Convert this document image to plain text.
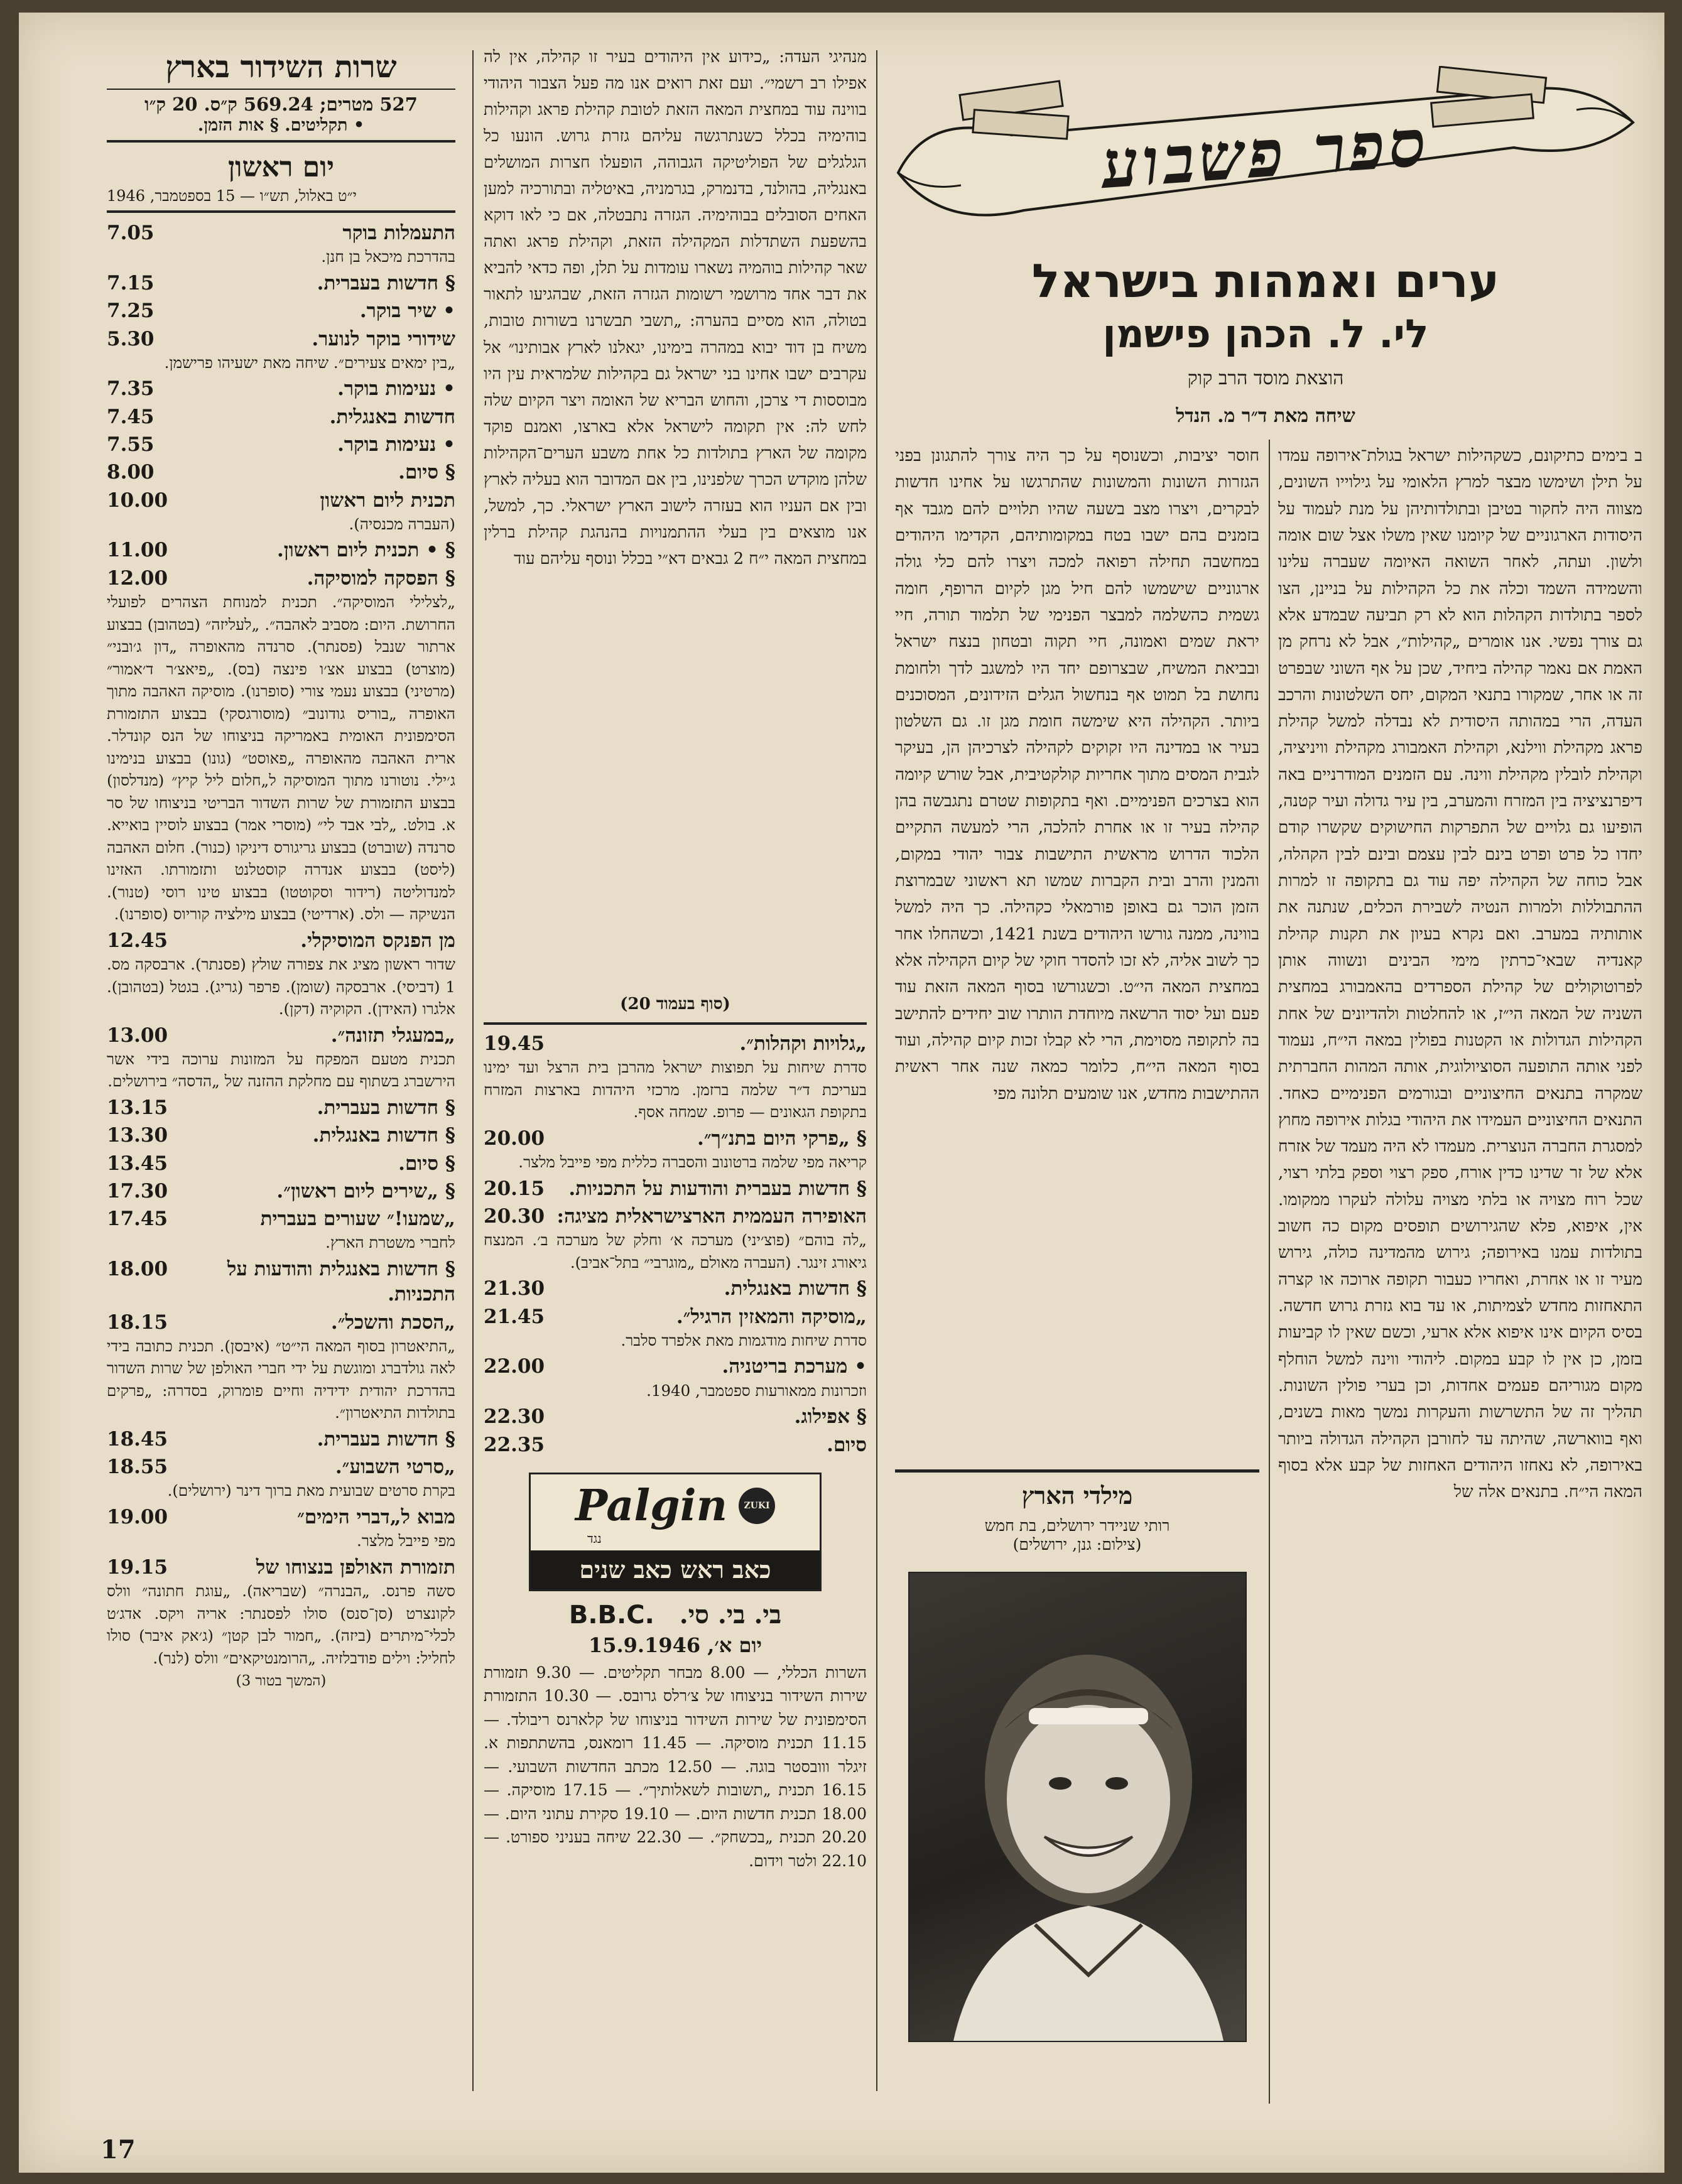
שרות השידור בארץ
527 מטרים; 569.24 ק״ס. 20 ק״ו
• תקליטים. § אות הזמן.
יום ראשון
י״ט באלול, תש״ו — 15 בספטמבר, 1946
התעמלות בוקר
7.05

בהדרכת מיכאל בן חנן.

§ חדשות בעברית.
7.15
• שיר בוקר.
7.25
שידורי בוקר לנוער.
5.30

„בין ימאים צעירים״. שיחה מאת ישעיהו פרישמן.

• נעימות בוקר.
7.35
חדשות באנגלית.
7.45
• נעימות בוקר.
7.55
§ סיום.
8.00
תכנית ליום ראשון
10.00

(העברה מכנסיה).

§ • תכנית ליום ראשון.
11.00
§ הפסקה למוסיקה.
12.00

„לצלילי המוסיקה״. תכנית למנוחת הצהרים לפועלי החרושת. היום: מסביב לאהבה״. „לעליזה״ (בטהובן) בבצוע ארתור שנבל (פסנתר). סרנדה מהאופרה „דון ג׳ובני״ (מוצרט) בבצוע אצ׳ו פינצה (בס). „פיאצ׳ר ד׳אמור״ (מרטיני) בבצוע נעמי צורי (סופרנו). מוסיקה האהבה מתוך האופרה „בוריס גודונוב״ (מוסורגסקי) בבצוע התזמורת הסימפונית האומית באמריקה בניצוחו של הנס קונדלר. ארית האהבה מהאופרה „פאוסט״ (גונו) בבצוע בנימינו ג׳ילי. נוטורנו מתוך המוסיקה ל„חלום ליל קיץ״ (מנדלסון) בבצוע התזמורת של שרות השדור הבריטי בניצוחו של סר א. בולט. „לבי אבד לי״ (מוסרי אמר) בבצוע לוסיין בואייא. סרנדה (שוברט) בבצוע גריגורס דיניקו (כנור). חלום האהבה (ליסט) בבצוע אנדרה קוסטלנט ותזמורתו. האזינו למנדוליטה (רידור וסקוטטו) בבצוע טינו רוסי (טנור). הנשיקה — ולס. (ארדיטי) בבצוע מילציה קוריוס (סופרנו).

מן הפנקס המוסיקלי.
12.45

שדור ראשון מציג את צפורה שולץ (פסנתר). ארבסקה מס. 1 (דביסי). ארבסקה (שומן). פרפר (גריג). בגטל (בטהובן). אלגרו (האידן). הקוקיה (דקן).

„במעגלי תזונה״.
13.00

תכנית מטעם המפקח על המזונות ערוכה בידי אשר הירשברג בשתוף עם מחלקת ההזנה של „הדסה״ בירושלים.

§ חדשות בעברית.
13.15
§ חדשות באנגלית.
13.30
§ סיום.
13.45
§ „שירים ליום ראשון״.
17.30
„שמעו!״ שעורים בעברית
17.45

לחברי משטרת הארץ.

§ חדשות באנגלית והודעות על התכניות.
18.00
„הסכת והשכל״.
18.15

„התיאטרון בסוף המאה הי״ט״ (איבסן). תכנית כתובה בידי לאה גולדברג ומוגשת על ידי חברי האולפן של שרות השדור בהדרכת יהודית ידידיה וחיים פומרוק, בסדרה: „פרקים בתולדות התיאטרון״.

§ חדשות בעברית.
18.45
„סרטי השבוע״.
18.55

בקרת סרטים שבועית מאת ברוך דינר (ירושלים).

מבוא ל„דברי הימים״
19.00

מפי פייבל מלצר.

תזמורת האולפן בנצוחו של
19.15

סשה פרנס. „הבנרה״ (שבריאה). „עוגת חתונה״ וולס לקונצרט (סן־סנס) סולו לפסנתר: אריה ויקס. אדג׳ט לכלי־מיתרים (ביזה). „חמור לבן קטן״ (ג׳אק איבר) סולו לחליל: וילים פודבלזיה. „הרומנטיקאים״ וולס (לנר).

(המשך בטור 3)

מנהיגי העדה: „כידוע אין היהודים בעיר זו קהילה, אין לה אפילו רב רשמי״. ועם זאת רואים אנו מה פעל הצבור היהודי בווינה עוד במחצית המאה הזאת לטובת קהילת פראג וקהילות בוהימיה בכלל כשנתרגשה עליהם גזרת גרוש. הונעו כל הגלגלים של הפוליטיקה הגבוהה, הופעלו חצרות המושלים באנגליה, בהולנד, בדנמרק, בגרמניה, באיטליה ובתורכיה למען האחים הסובלים בבוהימיה. הגזרה נתבטלה, אם כי לאו דוקא בהשפעת השתדלות המקהילה הזאת, וקהילת פראג ואתה שאר קהילות בוהמיה נשארו עומדות על תלן, ופה כדאי להביא את דבר אחד מרושמי רשומות הגזרה הזאת, שבהגיעו לתאור בטולה, הוא מסיים בהערה: „תשבי תבשרנו בשורות טובות, משיח בן דוד יבוא במהרה בימינו, יגאלנו לארץ אבותינו״ אל עקרבים ישבו אחינו בני ישראל גם בקהילות שלמראית עין היו מבוססות די צרכן, והחוש הבריא של האומה ויצר הקיום שלה לחש לה: אין תקומה לישראל אלא בארצו, ואמנם פוקד מקומה של הארץ בתולדות כל אחת משבע הערים־הקהילות שלהן מוקדש הכרך שלפנינו, בין אם המדובר הוא בעליה לארץ ובין אם העניו הוא בעזרה לישוב הארץ ישראלי. כך, למשל, אנו מוצאים בין בעלי ההתמנויות בהנהגת קהילת ברלין במחצית המאה י״ח 2 גבאים דא״י בכלל ונוסף עליהם עוד

(סוף בעמוד 20)
„גלויות וקהלות״.
19.45

סדרת שיחות על תפוצות ישראל מהרבן בית הרצל ועד ימינו בעריכת ד״ר שלמה ברזמן. מרכזי היהדות בארצות המזרח בתקופת הגאונים — פרופ. שמחה אסף.

§ „פרקי היום בתנ״ך״.
20.00

קריאה מפי שלמה ברטונוב והסברה כללית מפי פייבל מלצר.

§ חדשות בעברית והודעות על התכניות.
20.15
האופירה העממית הארצישראלית מציגה:
20.30

„לה בוהם״ (פוצ׳יני) מערכה א׳ וחלק של מערכה ב׳. המנצח גיאורג זינגר. (העברה מאולם „מוגרבי״ בתל־אביב).

§ חדשות באנגלית.
21.30
„מוסיקה והמאזין הרגיל״.
21.45

סדרת שיחות מודגמות מאת אלפרד סלבר.

• מערכת בריטניה.
22.00

וזכרונות ממאורעות ספטמבר, 1940.

§ אפילוג.
22.30
סיום.
22.35
Palgin ZUKI
נגד
כאב ראש כאב שנים
בי. בי. סי.
B.B.C.
יום א׳, 15.9.1946

השרות הכללי, — 8.00 מבחר תקליטים. — 9.30 תזמורת שירות השידור בניצוחו של צ׳רלס גרובס. — 10.30 התזמורת הסימפונית של שירות השידור בניצוחו של קלארנס ריבולד. — 11.15 תכנית מוסיקה. — 11.45 רומאנס, בהשתתפות א. זיגלר ווובסטר בוגה. — 12.50 מכתב החדשות השבועי. — 16.15 תכנית „תשובות לשאלותיך״. — 17.15 מוסיקה. — 18.00 תכנית חדשות היום. — 19.10 סקירת עתוני היום. — 20.20 תכנית „בכשחק״. — 22.30 שיחה בעניני ספורט. — 22.10 ולטר וידום.

ספר פשבוע
ערים ואמהות בישראל
לי. ל. הכהן פישמן
הוצאת מוסד הרב קוק
שיחה מאת ד״ר מ. הנדל

ב בימים כתיקונם, כשקהילות ישראל בגולת־אירופה עמדו על תילן ושימשו מבצר למרץ הלאומי על גילוייו השונים, מצווה היה לחקור בטיבן ובתולדותיהן על מנת לעמוד על היסודות הארגוניים של קיומנו שאין משלו אצל שום אומה ולשון. ועתה, לאחר השואה האיומה שעברה עלינו והשמידה השמד וכלה את כל הקהילות על בניינן, הצו לספר בתולדות הקהלות הוא לא רק תביעה שבמדע אלא גם צורך נפשי. אנו אומרים „קהילות״, אבל לא נרחק מן האמת אם נאמר קהילה ביחיד, שכן על אף השוני שבפרט זה או אחר, שמקורו בתנאי המקום, יחס השלטונות והרכב העדה, הרי במהותה היסודית לא נבדלה למשל קהילת פראג מקהילת ווילנא, וקהילת האמבורג מקהילת וויניציה, וקהילת לובלין מקהילת ווינה. עם הזמנים המודרניים באה דיפרנציציה בין המזרח והמערב, בין עיר גדולה ועיר קטנה, הופיעו גם גלויים של התפרקות החישוקים שקשרו קודם יחדו כל פרט ופרט בינם לבין עצמם ובינם לבין הקהלה, אבל כוחה של הקהילה יפה עוד גם בתקופה זו למרות ההתבוללות ולמרות הנטיה לשבירת הכלים, שנתנה את אותותיה במערב. ואם נקרא בעיון את תקנות קהילת קאנדיה שבאי־כרתין מימי הבינים ונשווה אותן לפרוטוקולים של קהילת הספרדים בהאמבורג במחצית השניה של המאה הי״ז, או להחלטות ולהדיונים של אחת הקהילות הגדולות או הקטנות בפולין במאה הי״ח, נעמוד לפני אותה התופעה הסוציולוגית, אותה המהות החברתית שמקרה בתנאים החיצוניים ובגורמים הפנימיים כאחד. התנאים החיצוניים העמידו את היהודי בגלות אירופה מחוץ למסגרת החברה הנוצרית. מעמדו לא היה מעמד של אזרח אלא של זר שדינו כדין אורח, ספק רצוי וספק בלתי רצוי, שכל רוח מצויה או בלתי מצויה עלולה לעקרו ממקומו. אין, איפוא, פלא שהגירושים תופסים מקום כה חשוב בתולדות עמנו באירופה; גירוש מהמדינה כולה, גירוש מעיר זו או אחרת, ואחריו כעבור תקופה ארוכה או קצרה התאחזות מחדש לצמיתות, או עד בוא גזרת גרוש חדשה. בסיס הקיום אינו איפוא אלא ארעי, וכשם שאין לו קביעות בזמן, כן אין לו קבע במקום. ליהודי ווינה למשל הוחלף מקום מגוריהם פעמים אחדות, וכן בערי פולין השונות. תהליך זה של התשרשות והעקרות נמשך מאות בשנים, ואף בווארשה, שהיתה עד לחורבן הקהילה הגדולה ביותר באירופה, לא נאחזו היהודים האחזות של קבע אלא בסוף המאה הי״ח. בתנאים אלה של

חוסר יציבות, וכשנוסף על כך היה צורך להתגונן בפני הגזרות השונות והמשונות שהתרגשו על אחינו חדשות לבקרים, ויצרו מצב בשעה שהיו תלויים להם מגבד אף בזמנים בהם ישבו בטח במקומותיהם, הקדימו היהודים במחשבה תחילה רפואה למכה ויצרו להם כלי גולה ארגוניים שישמשו להם חיל מגן לקיום הרופף, חומה גשמית כהשלמה למבצר הפנימי של תלמוד תורה, חיי יראת שמים ואמונה, חיי תקוה ובטחון בנצח ישראל ובביאת המשיח, שבצרופם יחד היו למשגב לדך ולחומת נחושת בל תמוט אף בנחשול הגלים הזידונים, המסוכנים ביותר. הקהילה היא שימשה חומת מגן זו. גם השלטון בעיר או במדינה היו זקוקים לקהילה לצרכיהן הן, בעיקר לגבית המסים מתוך אחריות קולקטיבית, אבל שורש קיומה הוא בצרכים הפנימיים. ואף בתקופות שטרם נתגבשה בהן קהילה בעיר זו או אחרת להלכה, הרי למעשה התקיים הלכוד הדרוש מראשית התישבות צבור יהודי במקום, והמנין והרב ובית הקברות שמשו תא ראשוני שבמרוצת הזמן הוכר גם באופן פורמאלי כקהילה. כך היה למשל בווינה, ממנה גורשו היהודים בשנת 1421, וכשהחלו אחר כך לשוב אליה, לא זכו להסדר חוקי של קיום הקהילה אלא במחצית המאה הי״ט. וכשגורשו בסוף המאה הזאת עוד פעם ועל יסוד הרשאה מיוחדת הותרו שוב יחידים להתישב בה לתקופה מסוימת, הרי לא קבלו זכות קיום קהילה, ועוד בסוף המאה הי״ח, כלומר כמאה שנה אחר ראשית ההתישבות מחדש, אנו שומעים תלונה מפי

מילדי הארץ
רותי שניידר ירושלים, בת חמש
(צילום: גנן, ירושלים)
17
